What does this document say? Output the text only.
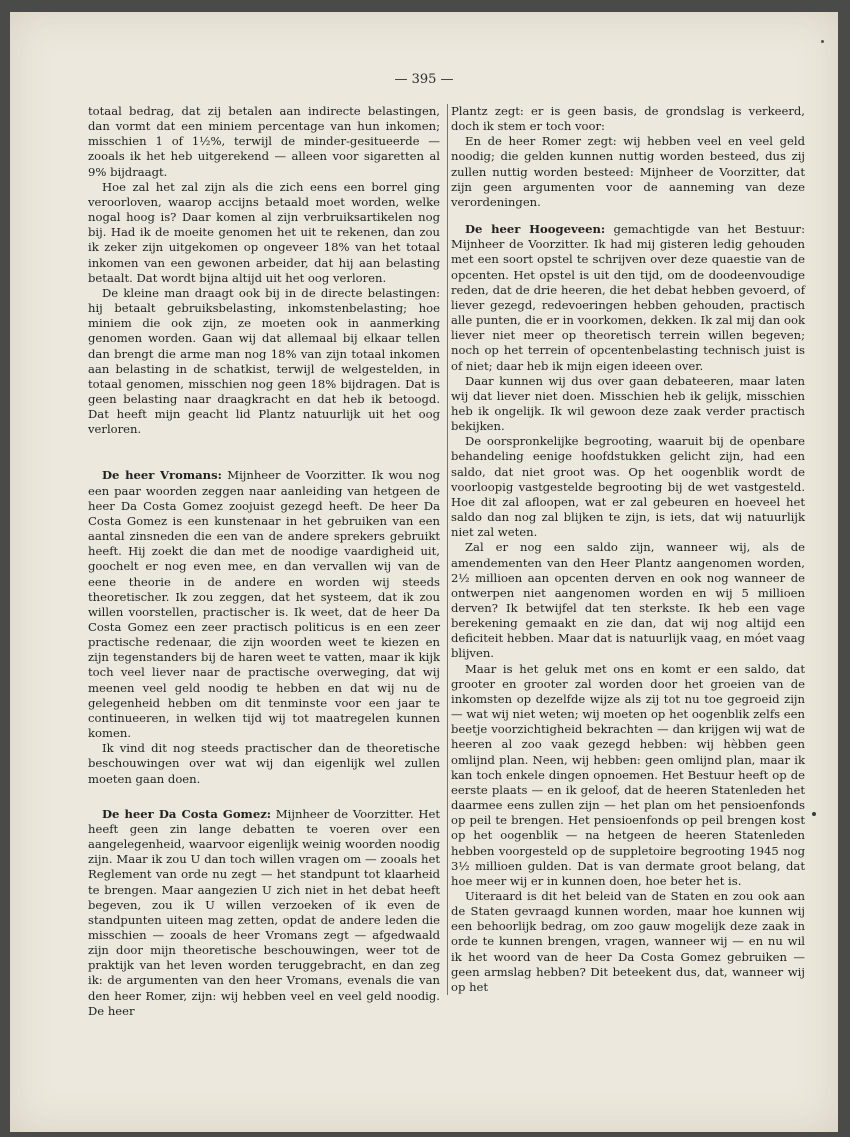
— 395 —

totaal bedrag, dat zij betalen aan indirecte belastingen, dan vormt dat een miniem percentage van hun inkomen; misschien 1 of 1½%, terwijl de minder-gesitueerde — zooals ik het heb uitgerekend — alleen voor sigaretten al 9% bijdraagt.

Hoe zal het zal zijn als die zich eens een borrel ging veroorloven, waarop accijns betaald moet worden, welke nogal hoog is? Daar komen al zijn verbruiksartikelen nog bij. Had ik de moeite genomen het uit te rekenen, dan zou ik zeker zijn uitgekomen op ongeveer 18% van het totaal inkomen van een gewonen arbeider, dat hij aan belasting betaalt. Dat wordt bijna altijd uit het oog verloren.

De kleine man draagt ook bij in de directe belastingen: hij betaalt gebruiksbelasting, inkomstenbelasting; hoe miniem die ook zijn, ze moeten ook in aanmerking genomen worden. Gaan wij dat allemaal bij elkaar tellen dan brengt die arme man nog 18% van zijn totaal inkomen aan belasting in de schatkist, terwijl de welgestelden, in totaal genomen, misschien nog geen 18% bijdragen. Dat is geen belasting naar draagkracht en dat heb ik betoogd. Dat heeft mijn geacht lid Plantz natuurlijk uit het oog verloren.

De heer Vromans: Mijnheer de Voorzitter. Ik wou nog een paar woorden zeggen naar aanleiding van hetgeen de heer Da Costa Gomez zoojuist gezegd heeft. De heer Da Costa Gomez is een kunstenaar in het gebruiken van een aantal zinsneden die een van de andere sprekers gebruikt heeft. Hij zoekt die dan met de noodige vaardigheid uit, goochelt er nog even mee, en dan vervallen wij van de eene theorie in de andere en worden wij steeds theoretischer. Ik zou zeggen, dat het systeem, dat ik zou willen voorstellen, practischer is. Ik weet, dat de heer Da Costa Gomez een zeer practisch politicus is en een zeer practische redenaar, die zijn woorden weet te kiezen en zijn tegenstanders bij de haren weet te vatten, maar ik kijk toch veel liever naar de practische overweging, dat wij meenen veel geld noodig te hebben en dat wij nu de gelegenheid hebben om dit tenminste voor een jaar te continueeren, in welken tijd wij tot maatregelen kunnen komen.

Ik vind dit nog steeds practischer dan de theoretische beschouwingen over wat wij dan eigenlijk wel zullen moeten gaan doen.

De heer Da Costa Gomez: Mijnheer de Voorzitter. Het heeft geen zin lange debatten te voeren over een aangelegenheid, waarvoor eigenlijk weinig woorden noodig zijn. Maar ik zou U dan toch willen vragen om — zooals het Reglement van orde nu zegt — het standpunt tot klaarheid te brengen. Maar aangezien U zich niet in het debat heeft begeven, zou ik U willen verzoeken of ik even de standpunten uiteen mag zetten, opdat de andere leden die misschien — zooals de heer Vromans zegt — afgedwaald zijn door mijn theoretische beschouwingen, weer tot de praktijk van het leven worden teruggebracht, en dan zeg ik: de argumenten van den heer Vromans, evenals die van den heer Romer, zijn: wij hebben veel en veel geld noodig. De heer

Plantz zegt: er is geen basis, de grondslag is verkeerd, doch ik stem er toch voor:

En de heer Romer zegt: wij hebben veel en veel geld noodig; die gelden kunnen nuttig worden besteed, dus zij zullen nuttig worden besteed: Mijnheer de Voorzitter, dat zijn geen argumenten voor de aanneming van deze verordeningen.

De heer Hoogeveen: gemachtigde van het Bestuur: Mijnheer de Voorzitter. Ik had mij gisteren ledig gehouden met een soort opstel te schrijven over deze quaestie van de opcenten. Het opstel is uit den tijd, om de doodeenvoudige reden, dat de drie heeren, die het debat hebben gevoerd, of liever gezegd, redevoeringen hebben gehouden, practisch alle punten, die er in voorkomen, dekken. Ik zal mij dan ook liever niet meer op theoretisch terrein willen begeven; noch op het terrein of opcentenbelasting technisch juist is of niet; daar heb ik mijn eigen ideeen over.

Daar kunnen wij dus over gaan debateeren, maar laten wij dat liever niet doen. Misschien heb ik gelijk, misschien heb ik ongelijk. Ik wil gewoon deze zaak verder practisch bekijken.

De oorspronkelijke begrooting, waaruit bij de openbare behandeling eenige hoofdstukken gelicht zijn, had een saldo, dat niet groot was. Op het oogenblik wordt de voorloopig vastgestelde begrooting bij de wet vastgesteld. Hoe dit zal afloopen, wat er zal gebeuren en hoeveel het saldo dan nog zal blijken te zijn, is iets, dat wij natuurlijk niet zal weten.

Zal er nog een saldo zijn, wanneer wij, als de amendementen van den Heer Plantz aangenomen worden, 2½ millioen aan opcenten derven en ook nog wanneer de ontwerpen niet aangenomen worden en wij 5 millioen derven? Ik betwijfel dat ten sterkste. Ik heb een vage berekening gemaakt en zie dan, dat wij nog altijd een deficiteit hebben. Maar dat is natuurlijk vaag, en móet vaag blijven.

Maar is het geluk met ons en komt er een saldo, dat grooter en grooter zal worden door het groeien van de inkomsten op dezelfde wijze als zij tot nu toe gegroeid zijn — wat wij niet weten; wij moeten op het oogenblik zelfs een beetje voorzichtigheid bekrachten — dan krijgen wij wat de heeren al zoo vaak gezegd hebben: wij hèbben geen omlijnd plan. Neen, wij hebben: geen omlijnd plan, maar ik kan toch enkele dingen opnoemen. Het Bestuur heeft op de eerste plaats — en ik geloof, dat de heeren Statenleden het daarmee eens zullen zijn — het plan om het pensioenfonds op peil te brengen. Het pensioenfonds op peil brengen kost op het oogenblik — na hetgeen de heeren Statenleden hebben voorgesteld op de suppletoire begrooting 1945 nog 3½ millioen gulden. Dat is van dermate groot belang, dat hoe meer wij er in kunnen doen, hoe beter het is.

Uiteraard is dit het beleid van de Staten en zou ook aan de Staten gevraagd kunnen worden, maar hoe kunnen wij een behoorlijk bedrag, om zoo gauw mogelijk deze zaak in orde te kunnen brengen, vragen, wanneer wij — en nu wil ik het woord van de heer Da Costa Gomez gebruiken — geen armslag hebben? Dit beteekent dus, dat, wanneer wij op het
